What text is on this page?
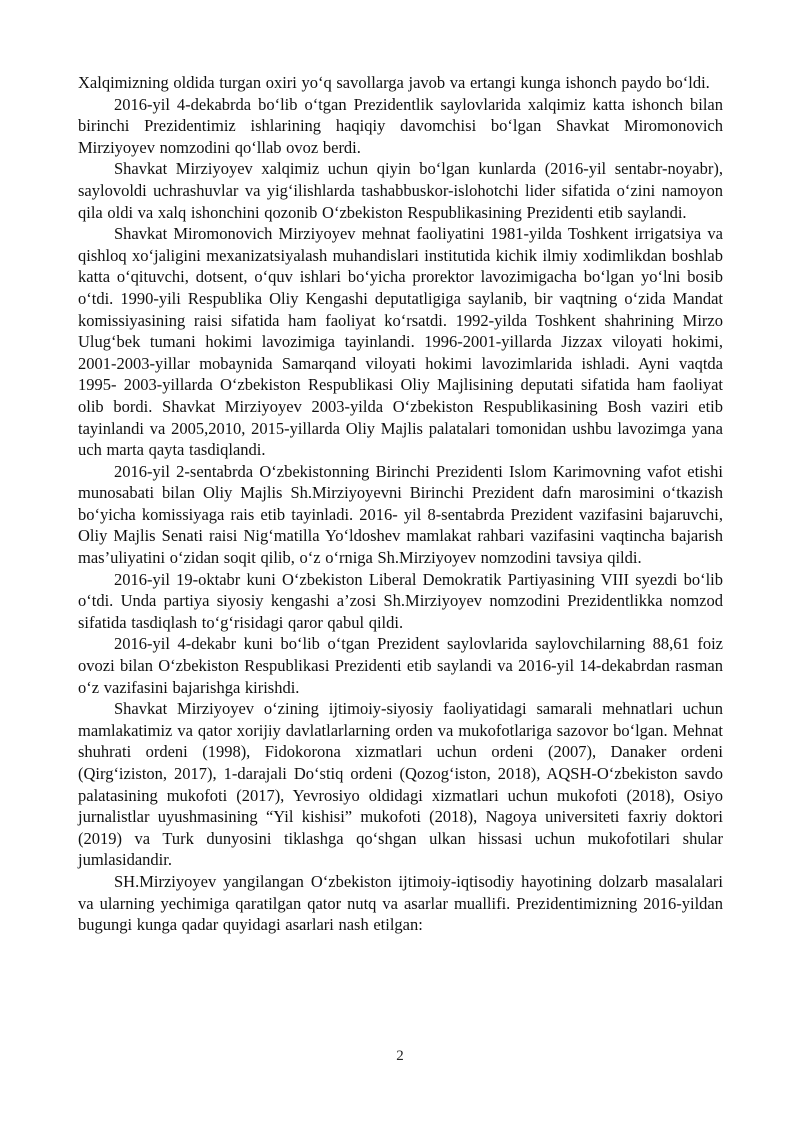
Xalqimizning oldida turgan oxiri yo‘q savollarga javob va ertangi kunga ishonch paydo bo‘ldi.

2016-yil 4-dekabrda bo‘lib o‘tgan Prezidentlik saylovlarida xalqimiz katta ishonch bilan birinchi Prezidentimiz ishlarining haqiqiy davomchisi bo‘lgan Shavkat Miromonovich Mirziyoyev nomzodini qo‘llab ovoz berdi.

Shavkat Mirziyoyev xalqimiz uchun qiyin bo‘lgan kunlarda (2016-yil sentabr-noyabr), saylovoldi uchrashuvlar va yig‘ilishlarda tashabbuskor-islohotchi lider sifatida o‘zini namoyon qila oldi va xalq ishonchini qozonib O‘zbekiston Respublikasining Prezidenti etib saylandi.

Shavkat Miromonovich Mirziyoyev mehnat faoliyatini 1981-yilda Toshkent irrigatsiya va qishloq xo‘jaligini mexanizatsiyalash muhandislari institutida kichik ilmiy xodimlikdan boshlab katta o‘qituvchi, dotsent, o‘quv ishlari bo‘yicha prorektor lavozimigacha bo‘lgan yo‘lni bosib o‘tdi. 1990-yili Respublika Oliy Kengashi deputatligiga saylanib, bir vaqtning o‘zida Mandat komissiyasining raisi sifatida ham faoliyat ko‘rsatdi. 1992-yilda Toshkent shahrining Mirzo Ulug‘bek tumani hokimi lavozimiga tayinlandi. 1996-2001-yillarda Jizzax viloyati hokimi, 2001-2003-yillar mobaynida Samarqand viloyati hokimi lavozimlarida ishladi. Ayni vaqtda 1995- 2003-yillarda O‘zbekiston Respublikasi Oliy Majlisining deputati sifatida ham faoliyat olib bordi. Shavkat Mirziyoyev 2003-yilda O‘zbekiston Respublikasining Bosh vaziri etib tayinlandi va 2005,2010, 2015-yillarda Oliy Majlis palatalari tomonidan ushbu lavozimga yana uch marta qayta tasdiqlandi.

2016-yil 2-sentabrda O‘zbekistonning Birinchi Prezidenti Islom Karimovning vafot etishi munosabati bilan Oliy Majlis Sh.Mirziyoyevni Birinchi Prezident dafn marosimini o‘tkazish bo‘yicha komissiyaga rais etib tayinladi. 2016- yil 8-sentabrda Prezident vazifasini bajaruvchi, Oliy Majlis Senati raisi Nig‘matilla Yo‘ldoshev mamlakat rahbari vazifasini vaqtincha bajarish mas’uliyatini o‘zidan soqit qilib, o‘z o‘rniga Sh.Mirziyoyev nomzodini tavsiya qildi.

2016-yil 19-oktabr kuni O‘zbekiston Liberal Demokratik Partiyasining VIII syezdi bo‘lib o‘tdi. Unda partiya siyosiy kengashi a’zosi Sh.Mirziyoyev nomzodini Prezidentlikka nomzod sifatida tasdiqlash to‘g‘risidagi qaror qabul qildi.

2016-yil 4-dekabr kuni bo‘lib o‘tgan Prezident saylovlarida saylovchilarning 88,61 foiz ovozi bilan O‘zbekiston Respublikasi Prezidenti etib saylandi va 2016-yil 14-dekabrdan rasman o‘z vazifasini bajarishga kirishdi.

Shavkat Mirziyoyev o‘zining ijtimoiy-siyosiy faoliyatidagi samarali mehnatlari uchun mamlakatimiz va qator xorijiy davlatlarlarning orden va mukofotlariga sazovor bo‘lgan. Mehnat shuhrati ordeni (1998), Fidokorona xizmatlari uchun ordeni (2007), Danaker ordeni (Qirg‘iziston, 2017), 1-darajali Do‘stiq ordeni (Qozog‘iston, 2018), AQSH-O‘zbekiston savdo palatasining mukofoti (2017), Yevrosiyo oldidagi xizmatlari uchun mukofoti (2018), Osiyo jurnalistlar uyushmasining “Yil kishisi” mukofoti (2018), Nagoya universiteti faxriy doktori (2019) va Turk dunyosini tiklashga qo‘shgan ulkan hissasi uchun mukofotilari shular jumlasidandir.

SH.Mirziyoyev yangilangan O‘zbekiston ijtimoiy-iqtisodiy hayotining dolzarb masalalari va ularning yechimiga qaratilgan qator nutq va asarlar muallifi. Prezidentimizning 2016-yildan bugungi kunga qadar quyidagi asarlari nash etilgan:

2
